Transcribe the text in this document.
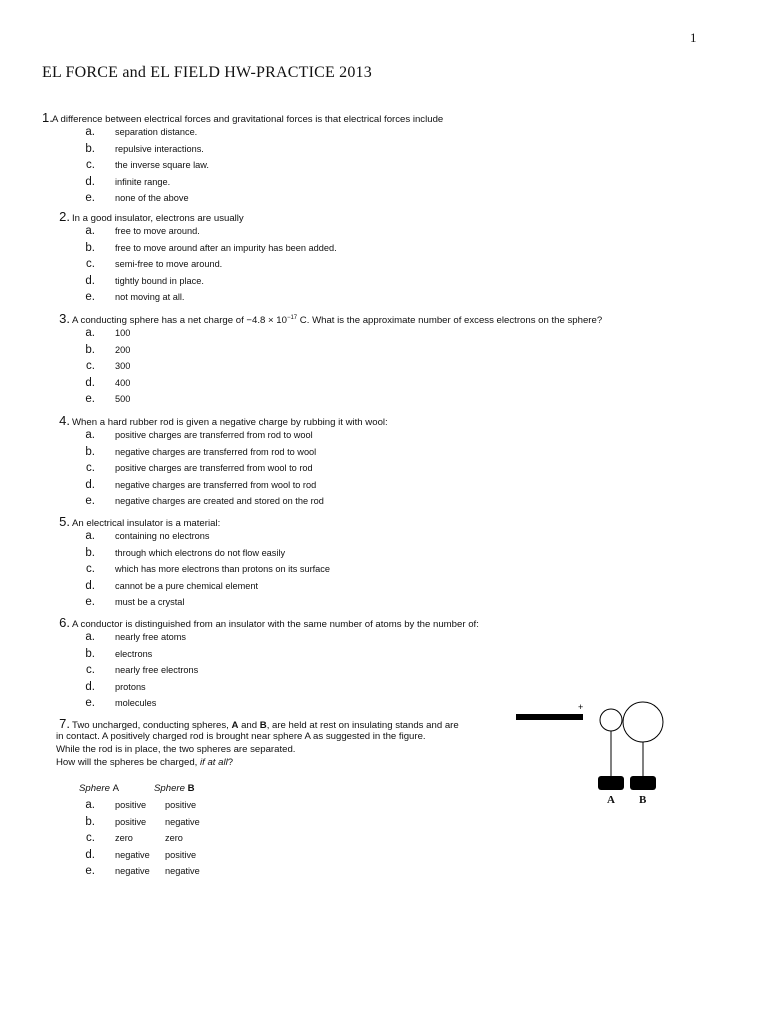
1
EL FORCE and EL FIELD HW-PRACTICE 2013
1. A difference between electrical forces and gravitational forces is that electrical forces include
a. separation distance.
b. repulsive interactions.
c. the inverse square law.
d. infinite range.
e. none of the above
2. In a good insulator, electrons are usually
a. free to move around.
b. free to move around after an impurity has been added.
c. semi-free to move around.
d. tightly bound in place.
e. not moving at all.
3. A conducting sphere has a net charge of $-4.8 \times 10^{-17}$ C. What is the approximate number of excess electrons on the sphere?
a. 100
b. 200
c. 300
d. 400
e. 500
4. When a hard rubber rod is given a negative charge by rubbing it with wool:
a. positive charges are transferred from rod to wool
b. negative charges are transferred from rod to wool
c. positive charges are transferred from wool to rod
d. negative charges are transferred from wool to rod
e. negative charges are created and stored on the rod
5. An electrical insulator is a material:
a. containing no electrons
b. through which electrons do not flow easily
c. which has more electrons than protons on its surface
d. cannot be a pure chemical element
e. must be a crystal
6. A conductor is distinguished from an insulator with the same number of atoms by the number of:
a. nearly free atoms
b. electrons
c. nearly free electrons
d. protons
e. molecules
7. Two uncharged, conducting spheres, A and B, are held at rest on insulating stands and are
in contact. A positively charged rod is brought near sphere A as suggested in the figure.
While the rod is in place, the two spheres are separated.
How will the spheres be charged, if at all?
Sphere A	Sphere B
a. positive	positive
b. positive	negative
c. zero	zero
d. negative	positive
e. negative	negative
+
A B
